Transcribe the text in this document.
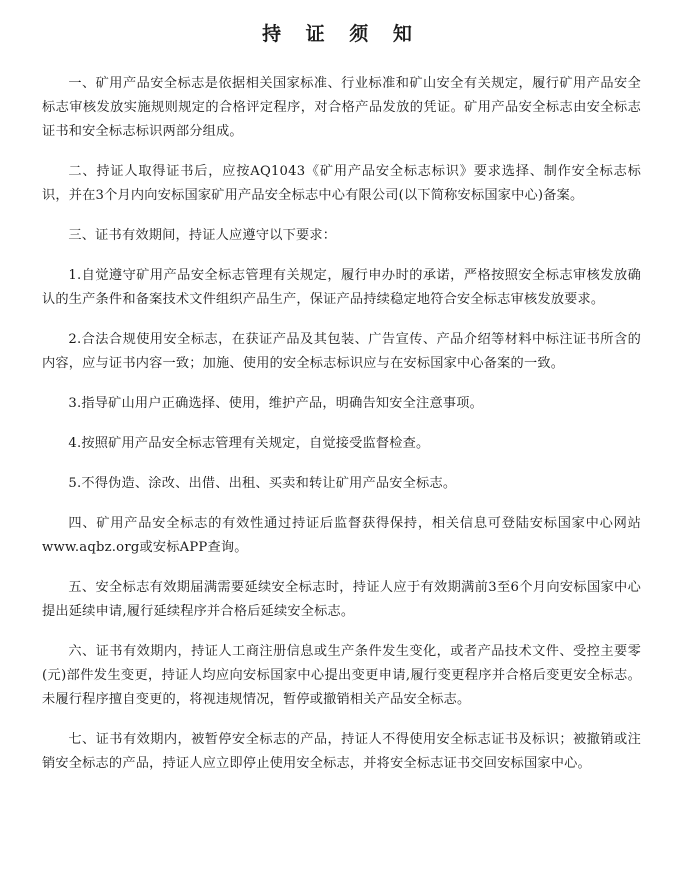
持 证 须 知

一、矿用产品安全标志是依据相关国家标准、行业标准和矿山安全有关规定，履行矿用产品安全标志审核发放实施规则规定的合格评定程序，对合格产品发放的凭证。矿用产品安全标志由安全标志证书和安全标志标识两部分组成。

二、持证人取得证书后，应按AQ1043《矿用产品安全标志标识》要求选择、制作安全标志标识，并在3个月内向安标国家矿用产品安全标志中心有限公司(以下简称安标国家中心)备案。

三、证书有效期间，持证人应遵守以下要求：

1.自觉遵守矿用产品安全标志管理有关规定，履行申办时的承诺，严格按照安全标志审核发放确认的生产条件和备案技术文件组织产品生产，保证产品持续稳定地符合安全标志审核发放要求。

2.合法合规使用安全标志，在获证产品及其包装、广告宣传、产品介绍等材料中标注证书所含的内容，应与证书内容一致；加施、使用的安全标志标识应与在安标国家中心备案的一致。

3.指导矿山用户正确选择、使用，维护产品，明确告知安全注意事项。

4.按照矿用产品安全标志管理有关规定，自觉接受监督检查。

5.不得伪造、涂改、出借、出租、买卖和转让矿用产品安全标志。

四、矿用产品安全标志的有效性通过持证后监督获得保持，相关信息可登陆安标国家中心网站www.aqbz.org或安标APP查询。

五、安全标志有效期届满需要延续安全标志时，持证人应于有效期满前3至6个月向安标国家中心提出延续申请,履行延续程序并合格后延续安全标志。

六、证书有效期内，持证人工商注册信息或生产条件发生变化，或者产品技术文件、受控主要零(元)部件发生变更，持证人均应向安标国家中心提出变更申请,履行变更程序并合格后变更安全标志。未履行程序擅自变更的，将视违规情况，暂停或撤销相关产品安全标志。

七、证书有效期内，被暂停安全标志的产品，持证人不得使用安全标志证书及标识；被撤销或注销安全标志的产品，持证人应立即停止使用安全标志，并将安全标志证书交回安标国家中心。
